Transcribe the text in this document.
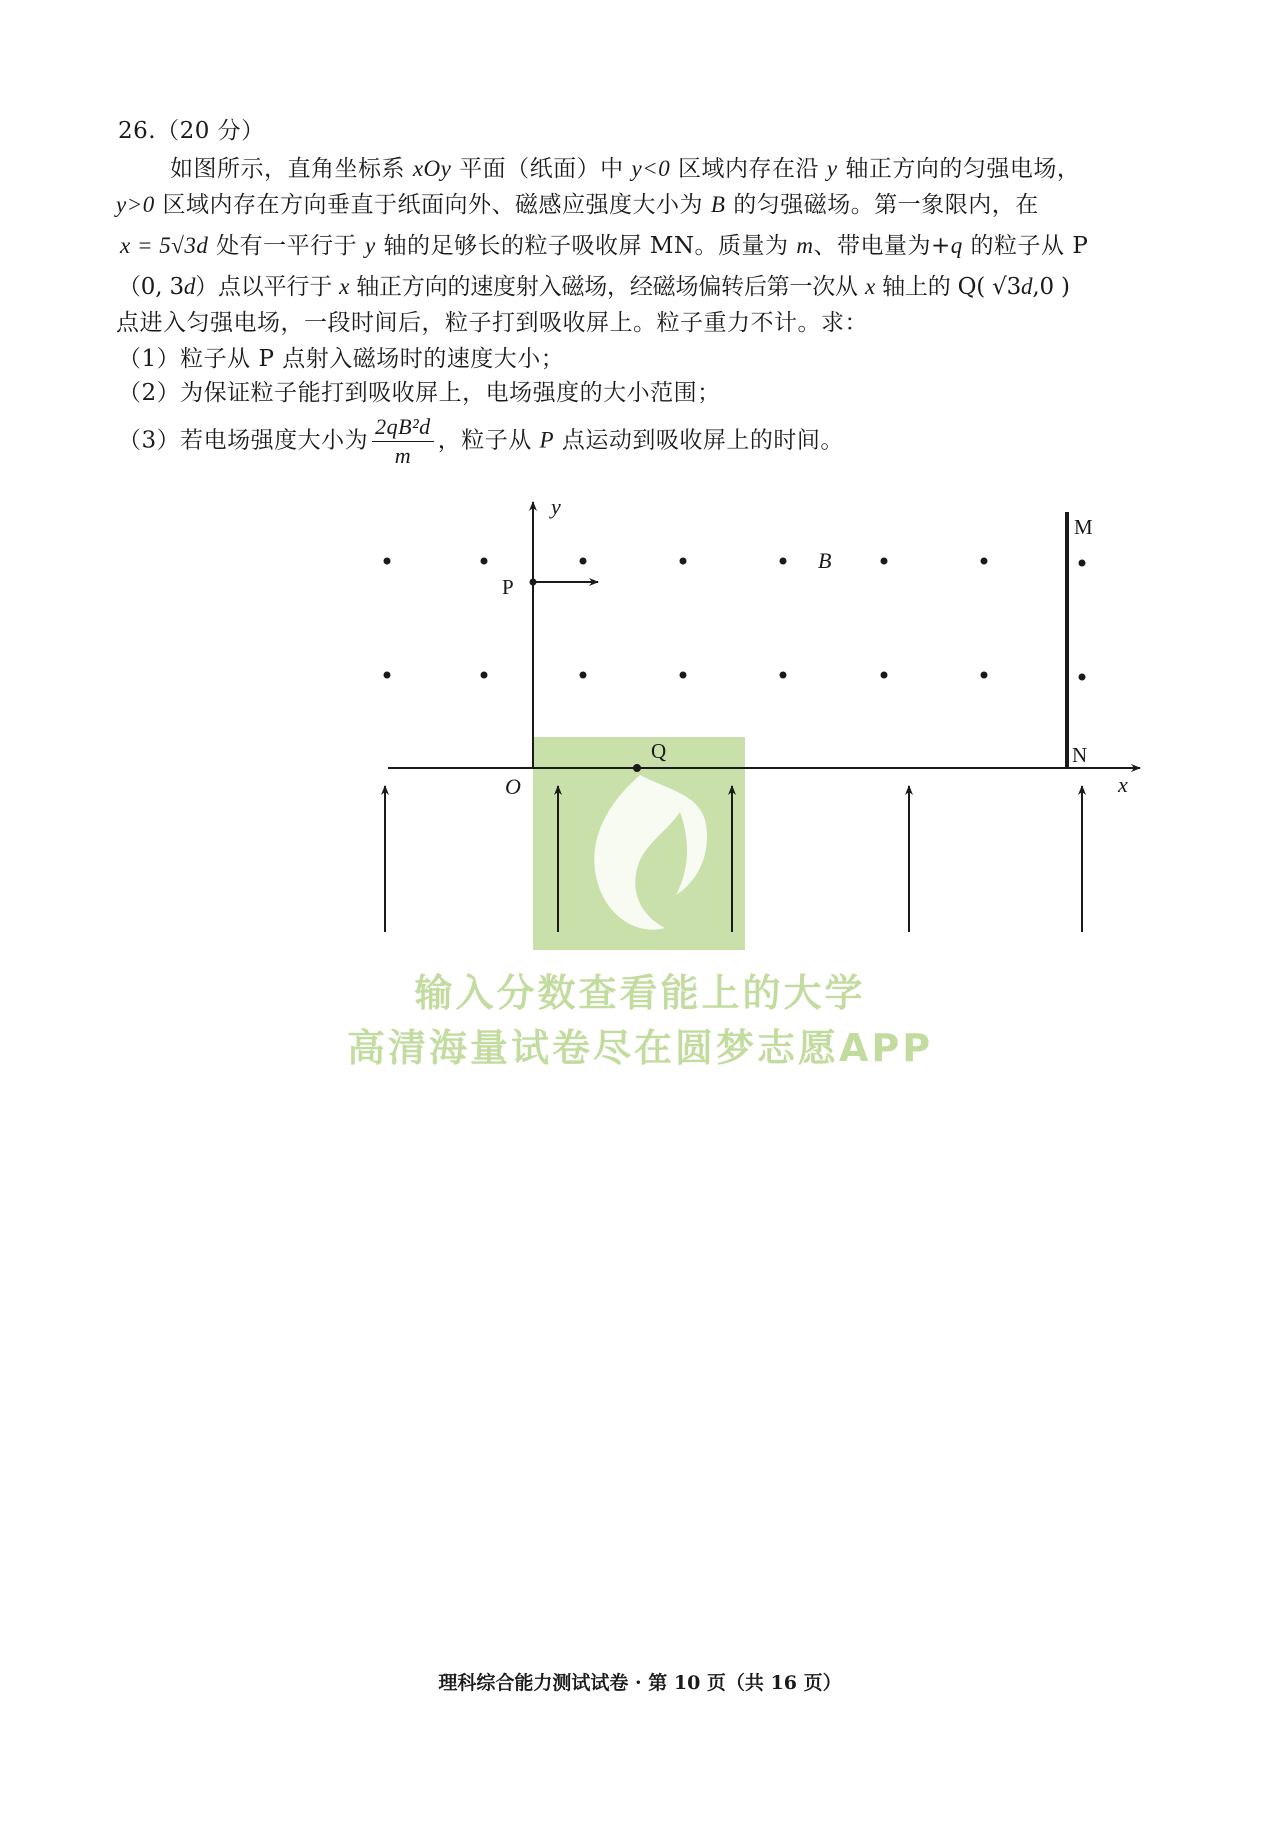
26.（20 分）
如图所示，直角坐标系 xOy 平面（纸面）中 y<0 区域内存在沿 y 轴正方向的匀强电场，
y>0 区域内存在方向垂直于纸面向外、磁感应强度大小为 B 的匀强磁场。第一象限内，在
x = 5√3d 处有一平行于 y 轴的足够长的粒子吸收屏 MN。质量为 m、带电量为+q 的粒子从 P
（0, 3d）点以平行于 x 轴正方向的速度射入磁场，经磁场偏转后第一次从 x 轴上的 Q( √3d,0 )
点进入匀强电场，一段时间后，粒子打到吸收屏上。粒子重力不计。求：
（1）粒子从 P 点射入磁场时的速度大小；
（2）为保证粒子能打到吸收屏上，电场强度的大小范围；
（3）若电场强度大小为 $\frac{\text{2qB²d}}{m}$ ，粒子从 P 点运动到吸收屏上的时间。
y
x
O
P
Q
M
N
B
输入分数查看能上的大学
高清海量试卷尽在圆梦志愿APP
理科综合能力测试试卷 · 第 10 页（共 16 页）
